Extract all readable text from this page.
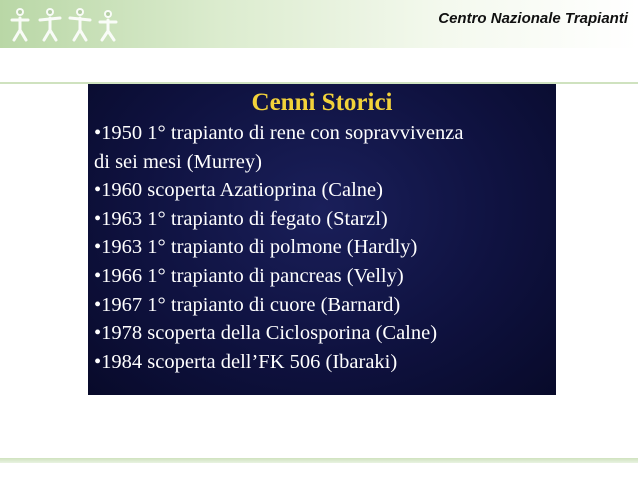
Centro Nazionale Trapianti
Cenni Storici
•1950 1° trapianto di rene con sopravvivenza
di sei mesi (Murrey)
•1960 scoperta Azatioprina (Calne)
•1963 1° trapianto di fegato (Starzl)
•1963 1° trapianto di polmone (Hardly)
•1966 1° trapianto di pancreas (Velly)
•1967 1° trapianto di cuore (Barnard)
•1978 scoperta della Ciclosporina (Calne)
•1984 scoperta dell’FK 506 (Ibaraki)
